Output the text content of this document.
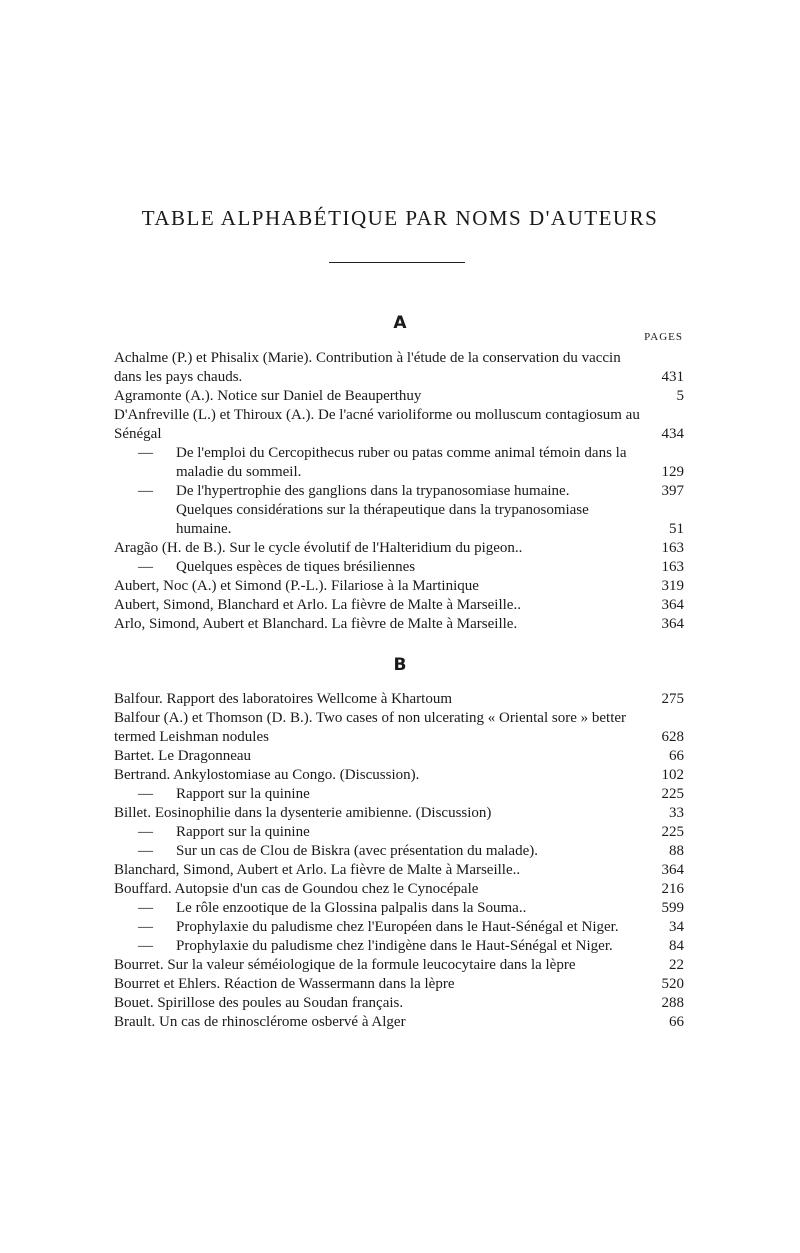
TABLE ALPHABÉTIQUE PAR NOMS D'AUTEURS
A
PAGES
Achalme (P.) et Phisalix (Marie). Contribution à l'étude de la conservation du vaccin dans les pays chauds.	431
Agramonte (A.). Notice sur Daniel de Beauperthuy	5
D'Anfreville (L.) et Thiroux (A.). De l'acné varioliforme ou molluscum contagiosum au Sénégal	434
— De l'emploi du Cercopithecus ruber ou patas comme animal témoin dans la maladie du sommeil.	129
— De l'hypertrophie des ganglions dans la trypanosomiase humaine.	397
Quelques considérations sur la thérapeutique dans la trypanosomiase humaine.	51
Aragão (H. de B.). Sur le cycle évolutif de l'Halteridium du pigeon..	163
— Quelques espèces de tiques brésiliennes	163
Aubert, Noc (A.) et Simond (P.-L.). Filariose à la Martinique	319
Aubert, Simond, Blanchard et Arlo. La fièvre de Malte à Marseille..	364
Arlo, Simond, Aubert et Blanchard. La fièvre de Malte à Marseille.	364
B
Balfour. Rapport des laboratoires Wellcome à Khartoum	275
Balfour (A.) et Thomson (D. B.). Two cases of non ulcerating « Oriental sore » better termed Leishman nodules	628
Bartet. Le Dragonneau	66
Bertrand. Ankylostomiase au Congo. (Discussion).	102
— Rapport sur la quinine	225
Billet. Eosinophilie dans la dysenterie amibienne. (Discussion)	33
— Rapport sur la quinine	225
— Sur un cas de Clou de Biskra (avec présentation du malade).	88
Blanchard, Simond, Aubert et Arlo. La fièvre de Malte à Marseille..	364
Bouffard. Autopsie d'un cas de Goundou chez le Cynocépale	216
— Le rôle enzootique de la Glossina palpalis dans la Souma..	599
— Prophylaxie du paludisme chez l'Européen dans le Haut-Sénégal et Niger.	34
— Prophylaxie du paludisme chez l'indigène dans le Haut-Sénégal et Niger.	84
Bourret. Sur la valeur séméiologique de la formule leucocytaire dans la lèpre	22
Bourret et Ehlers. Réaction de Wassermann dans la lèpre	520
Bouet. Spirillose des poules au Soudan français.	288
Brault. Un cas de rhinosclérome osbervé à Alger	66
